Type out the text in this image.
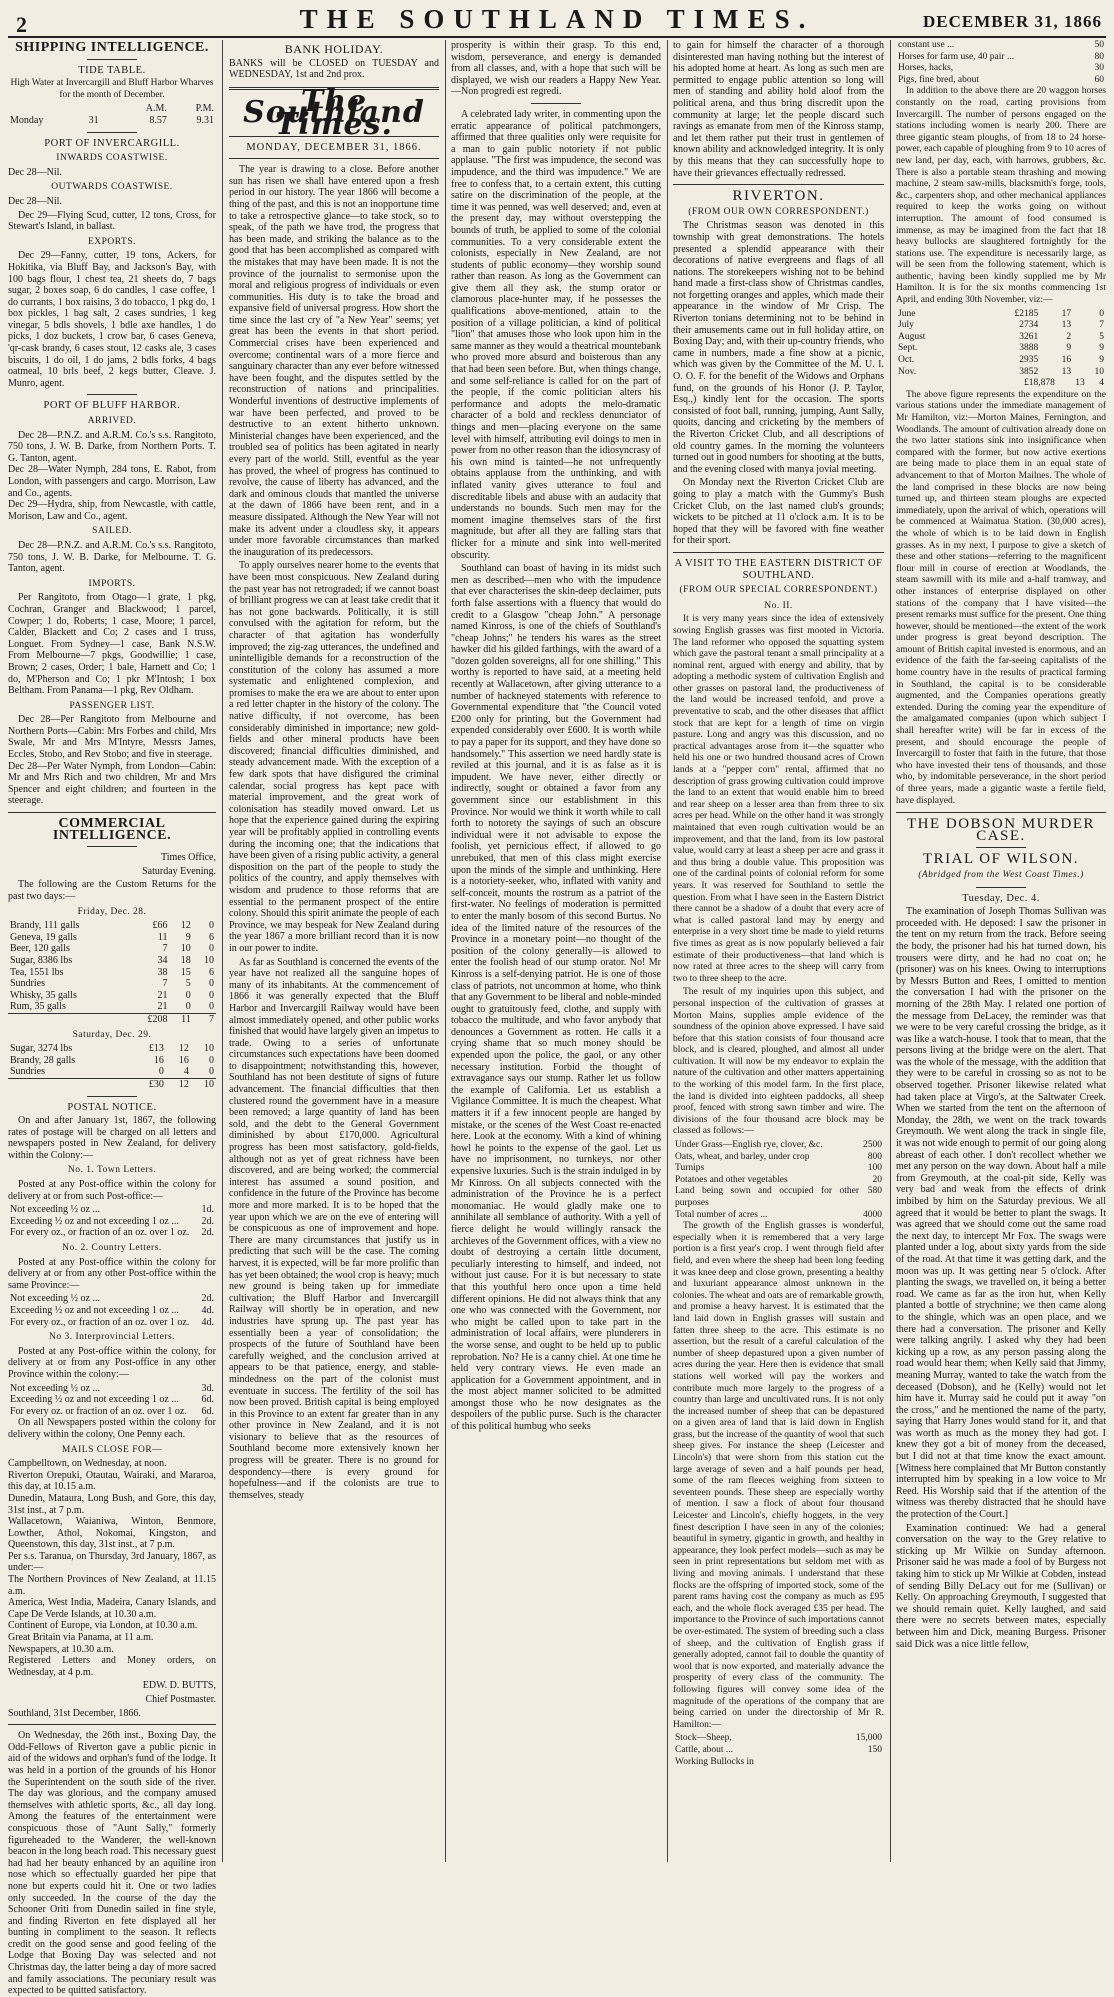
2	THE SOUTHLAND TIMES.	DECEMBER 31, 1866
SHIPPING INTELLIGENCE.
TIDE TABLE.

High Water at Invercargill and Bluff Harbor Wharves for the month of December.

		A.M.	P.M.
Monday	31	8.57	9.31
PORT OF INVERCARGILL.
INWARDS COASTWISE.

Dec 28—Nil.

OUTWARDS COASTWISE.

Dec 28—Nil.

Dec 29—Flying Scud, cutter, 12 tons, Cross, for Stewart's Island, in ballast.

EXPORTS.

Dec 29—Fanny, cutter, 19 tons, Ackers, for Hokitika, via Bluff Bay, and Jackson's Bay, with 100 bags flour, 1 chest tea, 21 sheets do, 7 bags sugar, 2 boxes soap, 6 do candles, 1 case coffee, 1 do currants, 1 box raisins, 3 do tobacco, 1 pkg do, 1 box pickles, 1 bag salt, 2 cases sundries, 1 keg vinegar, 5 bdls shovels, 1 bdle axe handles, 1 do picks, 1 doz buckets, 1 crow bar, 6 cases Geneva, 'qr-cask brandy, 6 cases stout, 12 casks ale, 3 cases biscuits, 1 do oil, 1 do jams, 2 bdls forks, 4 bags oatmeal, 10 brls beef, 2 kegs butter, Cleave. J. Munro, agent.

PORT OF BLUFF HARBOR.
ARRIVED.

Dec 28—P.N.Z. and A.R.M. Co.'s s.s. Rangitoto, 750 tons, J. W. B. Darke, from Northern Ports. T. G. Tanton, agent.
Dec 28—Water Nymph, 284 tons, E. Rabot, from London, with passengers and cargo. Morrison, Law and Co., agents.
Dec 29—Hydra, ship, from Newcastle, with cattle, Morison, Law and Co., agent.

SAILED.

Dec 28—P.N.Z. and A.R.M. Co.'s s.s. Rangitoto, 750 tons, J. W. B. Darke, for Melbourne. T. G. Tanton, agent.

IMPORTS.

Per Rangitoto, from Otago—1 grate, 1 pkg, Cochran, Granger and Blackwood; 1 parcel, Cowper; 1 do, Roberts; 1 case, Moore; 1 parcel, Calder, Blackett and Co; 2 cases and 1 truss, Longuet. From Sydney—1 case, Bank N.S.W. From Melbourne—7 pkgs, Goodwillie; 1 case, Brown; 2 cases, Order; 1 bale, Harnett and Co; 1 do, M'Pherson and Co; 1 pkr M'Intosh; 1 box Beltham. From Panama—1 pkg, Rev Oldham.

PASSENGER LIST.

Dec 28—Per Rangitoto from Melbourne and Northern Ports—Cabin: Mrs Forbes and child, Mrs Swale, Mr and Mrs M'Intyre, Messrs James, Eccles, Stobo, and Rev Stobo; and five in steerage.
Dec 28—Per Water Nymph, from London—Cabin: Mr and Mrs Rich and two children, Mr and Mrs Spencer and eight children; and fourteen in the steerage.

COMMERCIAL INTELLIGENCE.

Times Office,

Saturday Evening.

The following are the Custom Returns for the past two days:—

Friday, Dec. 28.
Brandy, 111 galls	£66	12	0
Geneva, 19 galls	11	9	6
Beer, 120 galls	7	10	0
Sugar, 8386 lbs	34	18	10
Tea, 1551 lbs	38	15	6
Sundries	7	5	0
Whisky, 35 galls	21	0	0
Rum, 35 galls	21	0	0
	£208	11	7
Saturday, Dec. 29.
Sugar, 3274 lbs	£13	12	10
Brandy, 28 galls	16	16	0
Sundries	0	4	0
	£30	12	10
POSTAL NOTICE.

On and after January 1st, 1867, the following rates of postage will be charged on all letters and newspapers posted in New Zealand, for delivery within the Colony:—

No. 1. Town Letters.

Posted at any Post-office within the colony for delivery at or from such Post-office:—

Not exceeding ½ oz ...	1d.
Exceeding ½ oz and not exceeding 1 oz ...	2d.
For every oz., or fraction of an oz. over 1 oz.	2d.
No. 2. Country Letters.

Posted at any Post-office within the colony for delivery at or from any other Post-office within the same Province:—

Not exceeding ½ oz ...	2d.
Exceeding ½ oz and not exceeding 1 oz ...	4d.
For every oz., or fraction of an oz. over 1 oz.	4d.
No 3. Interprovincial Letters.

Posted at any Post-office within the colony, for delivery at or from any Post-office in any other Province within the colony:—

Not exceeding ½ oz ...	3d.
Exceeding ½ oz and not exceeding 1 oz ...	6d.
For every oz. or fraction of an oz. over 1 oz.	6d.

On all Newspapers posted within the colony for delivery within the colony, One Penny each.

MAILS CLOSE FOR—

Campbelltown, on Wednesday, at noon.
Riverton Orepuki, Otautau, Wairaki, and Mararoa, this day, at 10.15 a.m.
Dunedin, Mataura, Long Bush, and Gore, this day, 31st inst., at 7 p.m.
Wallacetown, Waianiwa, Winton, Benmore, Lowther, Athol, Nokomai, Kingston, and Queenstown, this day, 31st inst., at 7 p.m.
Per s.s. Taranua, on Thursday, 3rd January, 1867, as under:—
The Northern Provinces of New Zealand, at 11.15 a.m.
America, West India, Madeira, Canary Islands, and Cape De Verde Islands, at 10.30 a.m.
Continent of Europe, via London, at 10.30 a.m.
Great Britain via Panama, at 11 a.m.
Newspapers, at 10.30 a.m.
Registered Letters and Money orders, on Wednesday, at 4 p.m.

EDW. D. BUTTS,

Chief Postmaster.

Southland, 31st December, 1866.

On Wednesday, the 26th inst., Boxing Day, the Odd-Fellows of Riverton gave a public picnic in aid of the widows and orphan's fund of the lodge. It was held in a portion of the grounds of his Honor the Superintendent on the south side of the river. The day was glorious, and the company amused themselves with athletic sports, &c., all day long. Among the features of the entertainment were conspicuous those of "Aunt Sally," formerly figureheaded to the Wanderer, the well-known beacon in the long beach road. This necessary guest had had her beauty enhanced by an aquiline iron nose which so effectually guarded her pipe that none but experts could hit it. One or two ladies only succeeded. In the course of the day the Schooner Oriti from Dunedin sailed in fine style, and finding Riverton en fete displayed all her bunting in compliment to the season. It reflects credit on the good sense and good feeling of the Lodge that Boxing Day was selected and not Christmas day, the latter being a day of more sacred and family associations. The pecuniary result was expected to be quitted satisfactory.

BANK HOLIDAY.

BANKS will be CLOSED on TUESDAY and WEDNESDAY, 1st and 2nd prox.

The Southland Times.
MONDAY, DECEMBER 31, 1866.

The year is drawing to a close. Before another sun has risen we shall have entered upon a fresh period in our history. The year 1866 will become a thing of the past, and this is not an inopportune time to take a retrospective glance—to take stock, so to speak, of the path we have trod, the progress that has been made, and striking the balance as to the good that has been accomplished as compared with the mistakes that may have been made. It is not the province of the journalist to sermonise upon the moral and religious progress of individuals or even communities. His duty is to take the broad and expansive field of universal progress. How short the time since the last cry of "a New Year" seems; yet great has been the events in that short period. Commercial crises have been experienced and overcome; continental wars of a more fierce and sanguinary character than any ever before witnessed have been fought, and the disputes settled by the reconstruction of nations and principalities. Wonderful inventions of destructive implements of war have been perfected, and proved to be destructive to an extent hitherto unknown. Ministerial changes have been experienced, and the troubled sea of politics has been agitated in nearly every part of the world. Still, eventful as the year has proved, the wheel of progress has continued to revolve, the cause of liberty has advanced, and the dark and ominous clouds that mantled the universe at the dawn of 1866 have been rent, and in a measure dissipated. Although the New Year will not make its advent under a cloudless sky, it appears under more favorable circumstances than marked the inauguration of its predecessors.

To apply ourselves nearer home to the events that have been most conspicuous. New Zealand during the past year has not retrograded; if we cannot boast of brilliant progress we can at least take credit that it has not gone backwards. Politically, it is still convulsed with the agitation for reform, but the character of that agitation has wonderfully improved; the zig-zag utterances, the undefined and unintelligible demands for a reconstruction of the constitution of the colony has assumed a more systematic and enlightened complexion, and promises to make the era we are about to enter upon a red letter chapter in the history of the colony. The native difficulty, if not overcome, has been considerably diminished in importance; new gold-fields and other mineral products have been discovered; financial difficulties diminished, and steady advancement made. With the exception of a few dark spots that have disfigured the criminal calendar, social progress has kept pace with material improvement, and the great work of colonisation has steadily moved onward. Let us hope that the experience gained during the expiring year will be profitably applied in controlling events during the incoming one; that the indications that have been given of a rising public activity, a general disposition on the part of the people to study the politics of the country, and apply themselves with wisdom and prudence to those reforms that are essential to the permanent prospect of the entire colony. Should this spirit animate the people of each Province, we may bespeak for New Zealand during the year 1867 a more brilliant record than it is now in our power to indite.

As far as Southland is concerned the events of the year have not realized all the sanguine hopes of many of its inhabitants. At the commencement of 1866 it was generally expected that the Bluff Harbor and Invercargill Railway would have been almost immediately opened, and other public works finished that would have largely given an impetus to trade. Owing to a series of unfortunate circumstances such expectations have been doomed to disappointment; notwithstanding this, however, Southland has not been destitute of signs of future advancement. The financial difficulties that then clustered round the government have in a measure been removed; a large quantity of land has been sold, and the debt to the General Government diminished by about £170,000. Agricultural progress has been most satisfactory, gold-fields, although not as yet of great richness have been discovered, and are being worked; the commercial interest has assumed a sound position, and confidence in the future of the Province has become more and more marked. It is to be hoped that the year upon which we are on the eve of entering will be conspicuous as one of improvement and hope. There are many circumstances that justify us in predicting that such will be the case. The coming harvest, it is expected, will be far more prolific than has yet been obtained; the wool crop is heavy; much new ground is being taken up for immediate cultivation; the Bluff Harbor and Invercargill Railway will shortly be in operation, and new industries have sprung up. The past year has essentially been a year of consolidation; the prospects of the future of Southland have been carefully weighed, and the conclusion arrived at appears to be that patience, energy, and stable-mindedness on the part of the colonist must eventuate in success. The fertility of the soil has now been proved. British capital is being employed in this Province to an extent far greater than in any other province in New Zealand, and it is not visionary to believe that as the resources of Southland become more extensively known her progress will be greater. There is no ground for despondency—there is every ground for hopefulness—and if the colonists are true to themselves, steady

prosperity is within their grasp. To this end, wisdom, perseverance, and energy is demanded from all classes, and, with a hope that such will be displayed, we wish our readers a Happy New Year.—Non progredi est regredi.

A celebrated lady writer, in commenting upon the erratic appearance of political patchmongers, affirmed that three qualities only were requisite for a man to gain public notoriety if not public applause. "The first was impudence, the second was impudence, and the third was impudence." We are free to confess that, to a certain extent, this cutting satire on the discrimination of the people, at the time it was penned, was well deserved; and, even at the present day, may without overstepping the bounds of truth, be applied to some of the colonial communities. To a very considerable extent the colonists, especially in New Zealand, are not students of public economy—they worship sound rather than reason. As long as the Government can give them all they ask, the stump orator or clamorous place-hunter may, if he possesses the qualifications above-mentioned, attain to the position of a village politician, a kind of political "lion" that amuses those who look upon him in the same manner as they would a theatrical mountebank who proved more absurd and boisterous than any that had been seen before. But, when things change, and some self-reliance is called for on the part of the people, if the comic politician alters his performance and adopts the melo-dramatic character of a bold and reckless denunciator of things and men—placing everyone on the same level with himself, attributing evil doings to men in power from no other reason than the idiosyncrasy of his own mind is tainted—he not unfrequently obtains applause from the unthinking, and with inflated vanity gives utterance to foul and discreditable libels and abuse with an audacity that understands no bounds. Such men may for the moment imagine themselves stars of the first magnitude, but after all they are falling stars that flicker for a minute and sink into well-merited obscurity.

Southland can boast of having in its midst such men as described—men who with the impudence that ever characterises the skin-deep declaimer, puts forth false assertions with a fluency that would do credit to a Glasgow "cheap John." A personage named Kinross, is one of the chiefs of Southland's "cheap Johns;" he tenders his wares as the street hawker did his gilded farthings, with the award of a "dozen golden sovereigns, all for one shilling." This worthy is reported to have said, at a meeting held recently at Wallacetown, after giving utterance to a number of hackneyed statements with reference to Governmental expenditure that "the Council voted £200 only for printing, but the Government had expended considerably over £600. It is worth while to pay a paper for its support, and they have done so handsomely." This assertion we need hardly state is reviled at this journal, and it is as false as it is impudent. We have never, either directly or indirectly, sought or obtained a favor from any government since our establishment in this Province. Nor would we think it worth while to call forth to notorety the sayings of such an obscure individual were it not advisable to expose the foolish, yet pernicious effect, if allowed to go unrebuked, that men of this class might exercise upon the minds of the simple and unthinking. Here is a notoriety-seeker, who, inflated with vanity and self-conceit, mounts the rostrum as a patriot of the first-water. No feelings of moderation is permitted to enter the manly bosom of this second Burtus. No idea of the limited nature of the resources of the Province in a monetary point—no thought of the position of the colony generally—is allowed to enter the foolish head of our stump orator. No! Mr Kinross is a self-denying patriot. He is one of those class of patriots, not uncommon at home, who think that any Government to be liberal and noble-minded ought to gratuitously feed, clothe, and supply with tobacco the multitude, and who favor anybody that denounces a Government as rotten. He calls it a crying shame that so much money should be expended upon the police, the gaol, or any other necessary institution. Forbid the thought of extravagance says our stump. Rather let us follow the example of California. Let us establish a Vigilance Committee. It is much the cheapest. What matters it if a few innocent people are hanged by mistake, or the scenes of the West Coast re-enacted here. Look at the economy. With a kind of whining howl he points to the expense of the gaol. Let us have no imprisonment, no turnkeys, nor other expensive luxuries. Such is the strain indulged in by Mr Kinross. On all subjects connected with the administration of the Province he is a perfect monomaniac. He would gladly make one to annihilate all semblance of authority. With a yell of fierce delight he would willingly ransack the archieves of the Government offices, with a view no doubt of destroying a certain little document, peculiarly interesting to himself, and indeed, not without just cause. For it is but necessary to state that this youthful hero once upon a time held different opinions. He did not always think that any one who was connected with the Government, nor who might be called upon to take part in the administration of local affairs, were plunderers in the worse sense, and ought to be held up to public reprobation. No? He is a canny chiel. At one time he held very contrary views. He even made an application for a Government appointment, and in the most abject manner solicited to be admitted amongst those who he now designates as the despoilers of the public purse. Such is the character of this political humbug who seeks

to gain for himself the character of a thorough disinterested man having nothing but the interest of his adopted home at heart. As long as such men are permitted to engage public attention so long will men of standing and ability hold aloof from the political arena, and thus bring discredit upon the community at large; let the people discard such ravings as emanate from men of the Kinross stamp, and let them rather put their trust in gentlemen of known ability and acknowledged integrity. It is only by this means that they can successfully hope to have their grievances effectually redressed.

RIVERTON.
(FROM OUR OWN CORRESPONDENT.)

The Christmas season was denoted in this township with great demonstrations. The hotels presented a splendid appearance with their decorations of native evergreens and flags of all nations. The storekeepers wishing not to be behind hand made a first-class show of Christmas candles, not forgetting oranges and apples, which made their appearance in the window of Mr Crisp. The Riverton tonians determining not to be behind in their amusements came out in full holiday attire, on Boxing Day; and, with their up-country friends, who came in numbers, made a fine show at a picnic, which was given by the Committee of the M. U. I. O. O. F. for the benefit of the Widows and Orphans fund, on the grounds of his Honor (J. P. Taylor, Esq.,) kindly lent for the occasion. The sports consisted of foot ball, running, jumping, Aunt Sally, quoits, dancing and cricketing by the members of the Riverton Cricket Club, and all descriptions of old country games. In the morning the volunteers turned out in good numbers for shooting at the butts, and the evening closed with manya jovial meeting.

On Monday next the Riverton Cricket Club are going to play a match with the Gummy's Bush Cricket Club, on the last named club's grounds; wickets to be pitched at 11 o'clock a.m. It is to be hoped that they will be favored with fine weather for their sport.

A VISIT TO THE EASTERN DISTRICT OF SOUTHLAND.
(FROM OUR SPECIAL CORRESPONDENT.)
No. II.

It is very many years since the idea of extensively sowing English grasses was first mooted in Victoria. The land reformer who opposed the squatting system which gave the pastoral tenant a small principality at a nominal rent, argued with energy and ability, that by adopting a methodic system of cultivation English and other grasses on pastoral land, the productiveness of the land would be increased tenfold, and prove a preventative to scab, and the other diseases that afflict stock that are kept for a length of time on virgin pasture. Long and angry was this discussion, and no practical advantages arose from it—the squatter who held his one or two hundred thousand acres of Crown lands at a "pepper corn" rental, affirmed that no description of grass growing cultivation could improve the land to an extent that would enable him to breed and rear sheep on a lesser area than from three to six acres per head. While on the other hand it was strongly maintained that even rough cultivation would be an improvement, and that the land, from its low pastoral value, would carry at least a sheep per acre and grass it and thus bring a double value. This proposition was one of the cardinal points of colonial reform for some years. It was reserved for Southland to settle the question. From what I have seen in the Eastern District there cannot be a shadow of a doubt that every acre of what is called pastoral land may by energy and enterprise in a very short time be made to yield returns five times as great as is now popularly believed a fair estimate of their productiveness—that land which is now rated at three acres to the sheep will carry from two to three sheep to the acre.

The result of my inquiries upon this subject, and personal inspection of the cultivation of grasses at Morton Mains, supplies ample evidence of the soundness of the opinion above expressed. I have said before that this station consists of four thousand acre block, and is cleared, ploughed, and almost all under cultivation. It will now be my endeavor to explain the nature of the cultivation and other matters appertaining to the working of this model farm. In the first place, the land is divided into eighteen paddocks, all sheep proof, fenced with strong sawn timber and wire. The divisions of the four thousand acre block may be classed as follows:—

Under Grass—English rye, clover, &c.	2500
Oats, wheat, and barley, under crop	800
Turnips	100
Potatoes and other vegetables	20
Land being sown and occupied for other purposes	580
Total number of acres ...	4000

The growth of the English grasses is wonderful, especially when it is remembered that a very large portion is a first year's crop. I went through field after field, and even where the sheep had been long feeding it was knee deep and close grown, presenting a healthy and luxuriant appearance almost unknown in the colonies. The wheat and oats are of remarkable growth, and promise a heavy harvest. It is estimated that the land laid down in English grasses will sustain and fatten three sheep to the acre. This estimate is no assertion, but the result of a careful calculation of the number of sheep depastured upon a given number of acres during the year. Here then is evidence that small stations well worked will pay the workers and contribute much more largely to the progress of a country than large and uncultivated runs. It is not only the increased number of sheep that can be depastured on a given area of land that is laid down in English grass, but the increase of the quantity of wool that such sheep gives. For instance the sheep (Leicester and Lincoln's) that were shorn from this station cut the large average of seven and a half pounds per head, some of the ram fleeces weighing from sixteen to seventeen pounds. These sheep are especially worthy of mention. I saw a flock of about four thousand Leicester and Lincoln's, chiefly hoggets, in the very finest description I have seen in any of the colonies; beautiful in symetry, gigantic in growth, and healthy in appearance, they look perfect models—such as may be seen in print representations but seldom met with as living and moving animals. I understand that these flocks are the offspring of imported stock, some of the parent rams having cost the company as much as £95 each, and the whole flock averaged £35 per head. The importance to the Province of such importations cannot be over-estimated. The system of breeding such a class of sheep, and the cultivation of English grass if generally adopted, cannot fail to double the quantity of wool that is now exported, and materially advance the prosperity of every class of the community. The following figures will convey some idea of the magnitude of the operations of the company that are being carried on under the directorship of Mr R. Hamilton:—

Stock—Sheep,	15,000
Cattle, about ...	150
Working Bullocks in	
constant use ...	50
Horses for farm use, 40 pair ...	80
Horses, hacks,	30
Pigs, fine bred, about	60

In addition to the above there are 20 waggon horses constantly on the road, carting provisions from Invercargill. The number of persons engaged on the stations including women is nearly 200. There are three gigantic steam ploughs, of from 18 to 24 horse-power, each capable of ploughing from 9 to 10 acres of new land, per day, each, with harrows, grubbers, &c. There is also a portable steam thrashing and mowing machine, 2 steam saw-mills, blacksmith's forge, tools, &c., carpenters shop, and other mechanical appliances required to keep the works going on without interruption. The amount of food consumed is immense, as may be imagined from the fact that 18 heavy bullocks are slaughtered fortnightly for the stations use. The expenditure is necessarily large, as will be seen from the following statement, which is authentic, having been kindly supplied me by Mr Hamilton. It is for the six months commencing 1st April, and ending 30th November, viz:—

June	£2185	17	0
July	2734	13	7
August	3261	2	5
Sept.	3888	9	9
Oct.	2935	16	9
Nov.	3852	13	10
	£18,878	13	4

The above figure represents the expenditure on the various stations under the immediate management of Mr Hamilton, viz:—Morton Maines, Fernington, and Woodlands. The amount of cultivation already done on the two latter stations sink into insignificance when compared with the former, but now active exertions are being made to place them in an equal state of advancement to that of Morton Mailnes. The whole of the land comprised in these blocks are now being turned up, and thirteen steam ploughs are expected immediately, upon the arrival of which, operations will be commenced at Waimatua Station. (30,000 acres), the whole of which is to be laid down in English grasses. As in my next, I purpose to give a sketch of these and other stations—referring to the magnificent flour mill in course of erection at Woodlands, the steam sawmill with its mile and a-half tramway, and other instances of enterprise displayed on other stations of the company that I have visited—the present remarks must suffice for the present. One thing however, should be mentioned—the extent of the work under progress is great beyond description. The amount of British capital invested is enormous, and an evidence of the faith the far-seeing capitalists of the home country have in the results of practical farming in Southland, the capital is to be considerable augmented, and the Companies operations greatly extended. During the coming year the expenditure of the amalgamated companies (upon which subject I shall hereafter write) will be far in excess of the present, and should encourage the people of Invercargill to foster that faith in the future, that those who have invested their tens of thousands, and those who, by indomitable perseverance, in the short period of three years, made a gigantic waste a fertile field, have displayed.

THE DOBSON MURDER CASE.
TRIAL OF WILSON.
(Abridged from the West Coast Times.)
Tuesday, Dec. 4.

The examination of Joseph Thomas Sullivan was proceeded with. He deposed: I saw the prisoner in the tent on my return from the track. Before seeing the body, the prisoner had his hat turned down, his trousers were dirty, and he had no coat on; he (prisoner) was on his knees. Owing to interruptions by Messrs Button and Rees, I omitted to mention the conversation I had with the prisoner on the morning of the 28th May. I related one portion of the message from DeLacey, the reminder was that we were to be very careful crossing the bridge, as it was like a watch-house. I took that to mean, that the persons living at the bridge were on the alert. That was the whole of the message, with the addition that they were to be careful in crossing so as not to be observed together. Prisoner likewise related what had taken place at Virgo's, at the Saltwater Creek. When we started from the tent on the afternoon of Monday, the 28th, we went on the track towards Greymouth. We went along the track in single file, it was not wide enough to permit of our going along abreast of each other. I don't recollect whether we met any person on the way down. About half a mile from Greymouth, at the coal-pit side, Kelly was very bad and weak from the effects of drink imbibed by him on the Saturday previous. We all agreed that it would be better to plant the swags. It was agreed that we should come out the same road the next day, to intercept Mr Fox. The swags were planted under a log, about sixty yards from the side of the road. At that time it was getting dark, and the moon was up. It was getting near 5 o'clock. After planting the swags, we travelled on, it being a better road. We came as far as the iron hut, when Kelly planted a bottle of strychnine; we then came along to the shingle, which was an open place, and we there had a conversation. The prisoner and Kelly were talking angrily. I asked why they had been kicking up a row, as any person passing along the road would hear them; when Kelly said that Jimmy, meaning Murray, wanted to take the watch from the deceased (Dobson), and he (Kelly) would not let him have it. Murray said he could put it away "on the cross," and he mentioned the name of the party, saying that Harry Jones would stand for it, and that was worth as much as the money they had got. I knew they got a bit of money from the deceased, but I did not at that time know the exact amount. [Witness here complained that Mr Button constantly interrupted him by speaking in a low voice to Mr Reed. His Worship said that if the attention of the witness was thereby distracted that he should have the protection of the Court.]

Examination continued: We had a general conversation on the way to the Grey relative to sticking up Mr Wilkie on Sunday afternoon. Prisoner said he was made a fool of by Burgess not taking him to stick up Mr Wilkie at Cobden, instead of sending Billy DeLacy out for me (Sullivan) or Kelly. On approaching Greymouth, I suggested that we should remain quiet. Kelly laughed, and said there were no secrets between mates, especially between him and Dick, meaning Burgess. Prisoner said Dick was a nice little fellow,
